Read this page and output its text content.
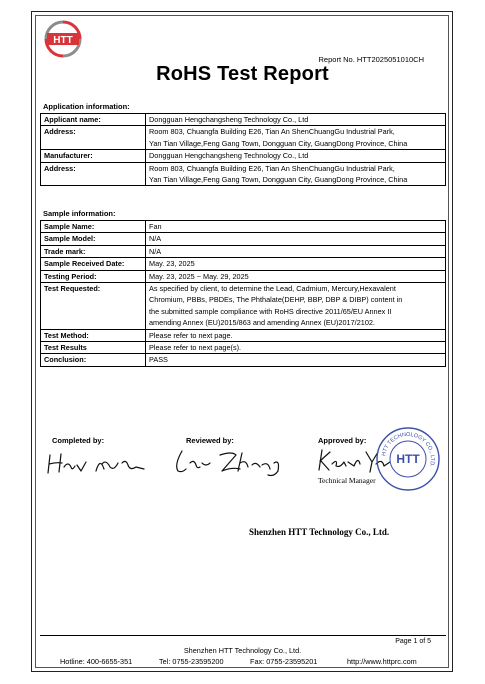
HTT
Report No. HTT2025051010CH
RoHS Test Report
Application information:
Applicant name:	Dongguan Hengchangsheng Technology Co., Ltd
Address:	Room 803, Chuangfa Building E26, Tian An ShenChuangGu Industrial Park,
Yan Tian Village,Feng Gang Town, Dongguan City, GuangDong Province, China

Manufacturer:	Dongguan Hengchangsheng Technology Co., Ltd
Address:	Room 803, Chuangfa Building E26, Tian An ShenChuangGu Industrial Park,
Yan Tian Village,Feng Gang Town, Dongguan City, GuangDong Province, China
Sample information:
Sample Name:	Fan
Sample Model:	N/A
Trade mark:	N/A
Sample Received Date:	May. 23, 2025
Testing Period:	May. 23, 2025 ~ May. 29, 2025
Test Requested:	As specified by client, to determine the Lead, Cadmium, Mercury,Hexavalent
Chromium, PBBs, PBDEs, The Phthalate(DEHP, BBP, DBP & DIBP) content in
the submitted sample compliance with RoHS directive 2011/65/EU Annex II
amending Annex (EU)2015/863 and amending Annex (EU)2017/2102.

Test Method:	Please refer to next page.
Test Results	Please refer to next page(s).
Conclusion:	PASS
Completed by:	Reviewed by:	Approved by:
Technical Manager
HTT TECHNOLOGY CO., LTD.
HTT
Shenzhen HTT Technology Co., Ltd.
Page 1 of 5
Shenzhen HTT Technology Co., Ltd.
Hotline: 400-6655-351	Tel: 0755-23595200	Fax: 0755-23595201	http://www.httprc.com
